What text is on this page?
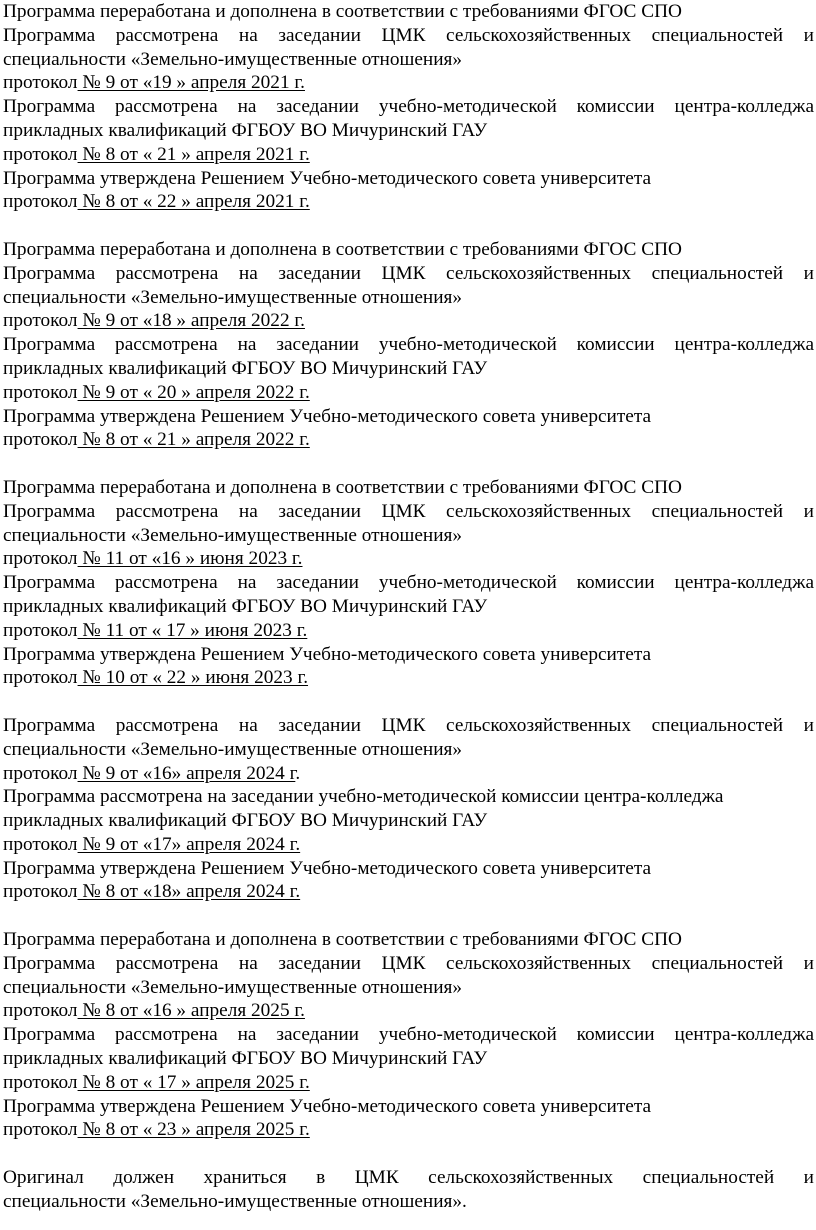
Программа переработана и дополнена в соответствии с требованиями ФГОС СПО
Программа рассмотрена на заседании ЦМК сельскохозяйственных специальностей и
специальности «Земельно-имущественные отношения»
протокол № 9 от «19 » апреля 2021 г.
Программа рассмотрена на заседании учебно-методической комиссии центра-колледжа
прикладных квалификаций ФГБОУ ВО Мичуринский ГАУ
протокол № 8 от « 21 » апреля 2021 г.
Программа утверждена Решением Учебно-методического совета университета
протокол № 8 от « 22 » апреля 2021 г.
Программа переработана и дополнена в соответствии с требованиями ФГОС СПО
Программа рассмотрена на заседании ЦМК сельскохозяйственных специальностей и
специальности «Земельно-имущественные отношения»
протокол № 9 от «18 » апреля 2022 г.
Программа рассмотрена на заседании учебно-методической комиссии центра-колледжа
прикладных квалификаций ФГБОУ ВО Мичуринский ГАУ
протокол № 9 от « 20 » апреля 2022 г.
Программа утверждена Решением Учебно-методического совета университета
протокол № 8 от « 21 » апреля 2022 г.
Программа переработана и дополнена в соответствии с требованиями ФГОС СПО
Программа рассмотрена на заседании ЦМК сельскохозяйственных специальностей и
специальности «Земельно-имущественные отношения»
протокол № 11 от «16 » июня 2023 г.
Программа рассмотрена на заседании учебно-методической комиссии центра-колледжа
прикладных квалификаций ФГБОУ ВО Мичуринский ГАУ
протокол № 11 от « 17 » июня 2023 г.
Программа утверждена Решением Учебно-методического совета университета
протокол № 10 от « 22 » июня 2023 г.
Программа рассмотрена на заседании ЦМК сельскохозяйственных специальностей и
специальности «Земельно-имущественные отношения»
протокол № 9 от «16» апреля 2024 г.
Программа рассмотрена на заседании учебно-методической комиссии центра-колледжа
прикладных квалификаций ФГБОУ ВО Мичуринский ГАУ
протокол № 9 от «17» апреля 2024 г.
Программа утверждена Решением Учебно-методического совета университета
протокол № 8 от «18» апреля 2024 г.
Программа переработана и дополнена в соответствии с требованиями ФГОС СПО
Программа рассмотрена на заседании ЦМК сельскохозяйственных специальностей и
специальности «Земельно-имущественные отношения»
протокол № 8 от «16 » апреля 2025 г.
Программа рассмотрена на заседании учебно-методической комиссии центра-колледжа
прикладных квалификаций ФГБОУ ВО Мичуринский ГАУ
протокол № 8 от « 17 » апреля 2025 г.
Программа утверждена Решением Учебно-методического совета университета
протокол № 8 от « 23 » апреля 2025 г.
Оригинал должен храниться в ЦМК сельскохозяйственных специальностей и
специальности «Земельно-имущественные отношения».
